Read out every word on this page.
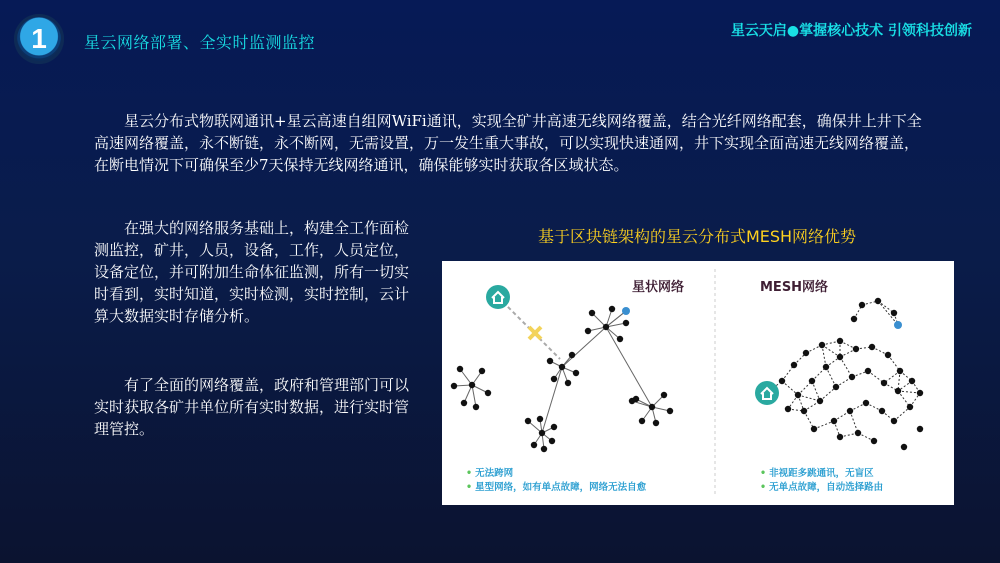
1	星云网络部署、全实时监测监控
星云天启●掌握核心技术 引领科技创新

星云分布式物联网通讯+星云高速自组网WiFi通讯，实现全矿井高速无线网络覆盖，结合光纤网络配套，确保井上井下全高速网络覆盖，永不断链，永不断网，无需设置，万一发生重大事故，可以实现快速通网，井下实现全面高速无线网络覆盖，在断电情况下可确保至少7天保持无线网络通讯，确保能够实时获取各区域状态。

在强大的网络服务基础上，构建全工作面检测监控，矿井，人员，设备，工作，人员定位，设备定位，并可附加生命体征监测，所有一切实时看到，实时知道，实时检测，实时控制，云计算大数据实时存储分析。

有了全面的网络覆盖，政府和管理部门可以实时获取各矿井单位所有实时数据，进行实时管理管控。

基于区块链架构的星云分布式MESH网络优势
星状网络	MESH网络
• 无法跨网
• 星型网络，如有单点故障，网络无法自愈
• 非视距多跳通讯，无盲区
• 无单点故障，自动选择路由
